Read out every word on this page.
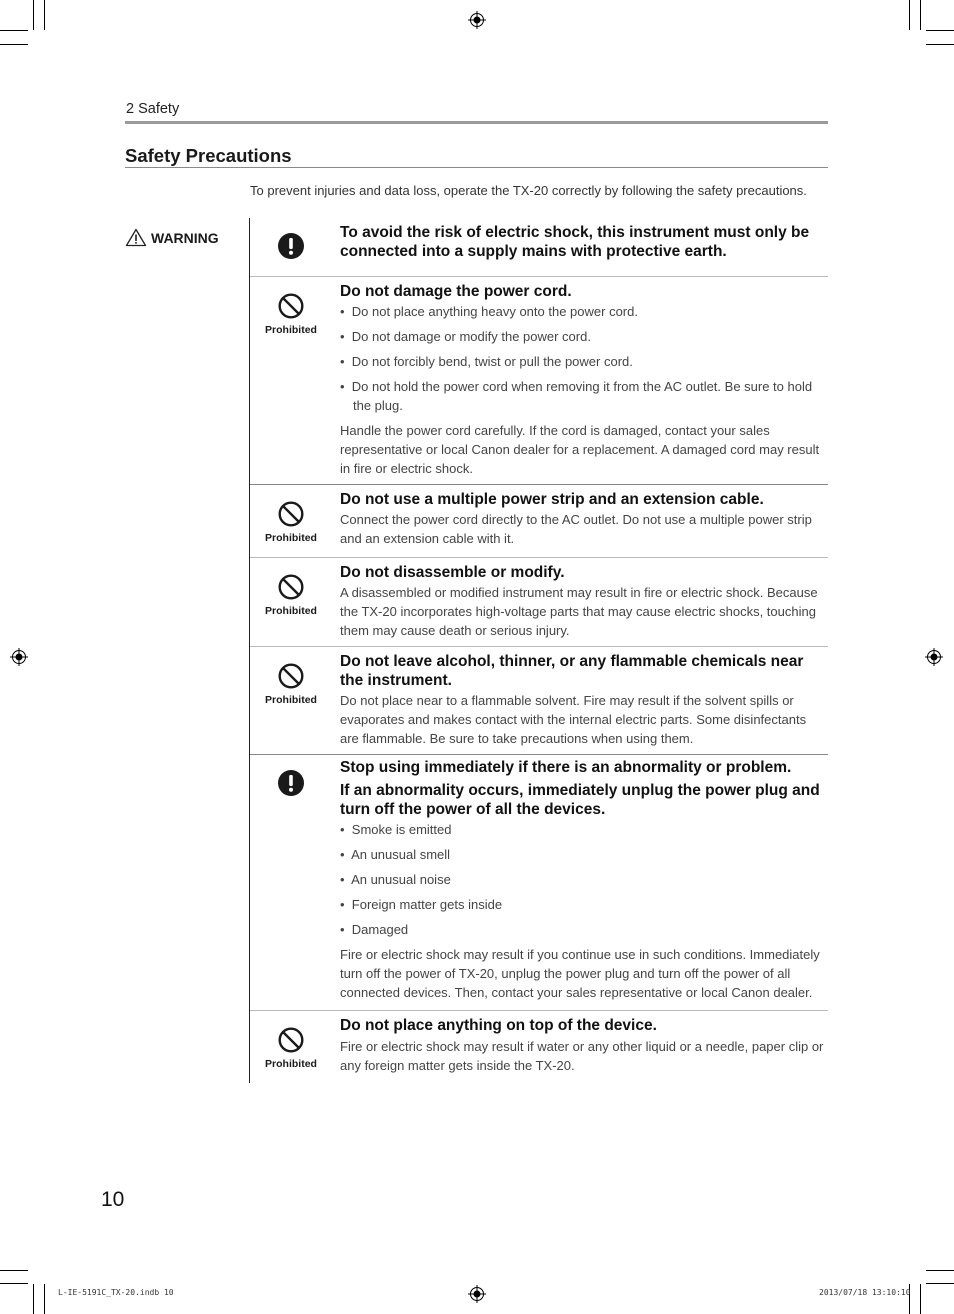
2 Safety
Safety Precautions
To prevent injuries and data loss, operate the TX-20 correctly by following the safety precautions.
WARNING	To avoid the risk of electric shock, this instrument must only be connected into a supply mains with protective earth.
Prohibited
Do not damage the power cord.
•  Do not place anything heavy onto the power cord.
•  Do not damage or modify the power cord.
•  Do not forcibly bend, twist or pull the power cord.
•  Do not hold the power cord when removing it from the AC outlet. Be sure to hold the plug.
Handle the power cord carefully. If the cord is damaged, contact your sales representative or local Canon dealer for a replacement. A damaged cord may result in fire or electric shock.
Prohibited
Do not use a multiple power strip and an extension cable.
Connect the power cord directly to the AC outlet. Do not use a multiple power strip and an extension cable with it.
Prohibited
Do not disassemble or modify.
A disassembled or modified instrument may result in fire or electric shock. Because the TX-20 incorporates high-voltage parts that may cause electric shocks, touching them may cause death or serious injury.
Prohibited
Do not leave alcohol, thinner, or any flammable chemicals near the instrument.
Do not place near to a flammable solvent. Fire may result if the solvent spills or evaporates and makes contact with the internal electric parts. Some disinfectants are flammable. Be sure to take precautions when using them.
Stop using immediately if there is an abnormality or problem.
If an abnormality occurs, immediately unplug the power plug and turn off the power of all the devices.
•  Smoke is emitted
•  An unusual smell
•  An unusual noise
•  Foreign matter gets inside
•  Damaged
Fire or electric shock may result if you continue use in such conditions. Immediately turn off the power of TX-20, unplug the power plug and turn off the power of all connected devices. Then, contact your sales representative or local Canon dealer.
Prohibited
Do not place anything on top of the device.
Fire or electric shock may result if water or any other liquid or a needle, paper clip or any foreign matter gets inside the TX-20.
10
L-IE-5191C_TX-20.indb 10	2013/07/18 13:10:10
